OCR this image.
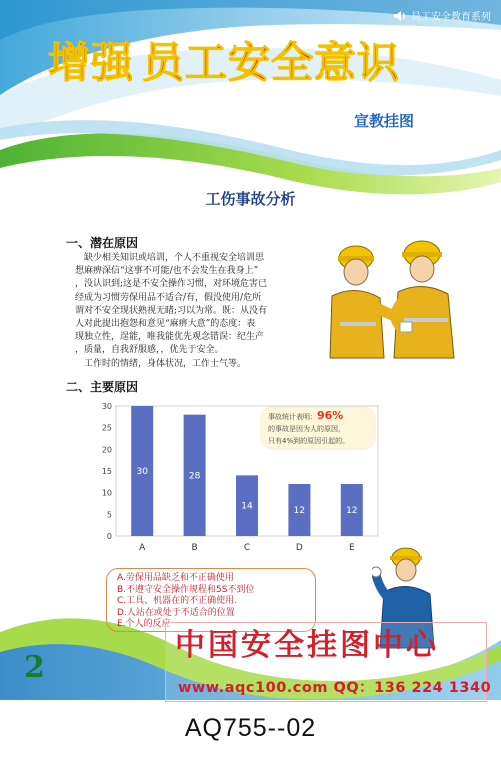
员工安全教育系列
增强 员工安全意识
宣教挂图
工伤事故分析
一、潜在原因
　缺少相关知识或培训，个人不重视安全培训思
想麻痹深信“这事不可能/也不会发生在我身上”
，没认识到;这是不安全操作习惯，对环境危害已
经成为习惯劳保用品不适合/有，假没使用/危所
谓对不安全现状熟视无睹;习以为常。既：从没有
人对此提出抱怨和意见“麻痹大意”的态度：表
现独立性，逞能，唯我能优先观念错误：纪生产
，质量，自我舒服感，，优先于安全。
　工作时的情绪，身体状况，工作士气等。
二、主要原因
0
5
10
15
20
25
30
30	28
14	12	12
A	B	C	D	E
事故统计表明：96%
的事故是因为人的原因，
只有4%到的原因引起的。
A.劳保用品缺乏和不正确使用
B.不遵守安全操作规程和5S不到位
C.工具、机器在的不正确使用.
D.人站在或处于不适合的位置
E.个人的反应
2
中国安全挂图中心
www.aqc100.com QQ：136 224 1340
AQ755--02
